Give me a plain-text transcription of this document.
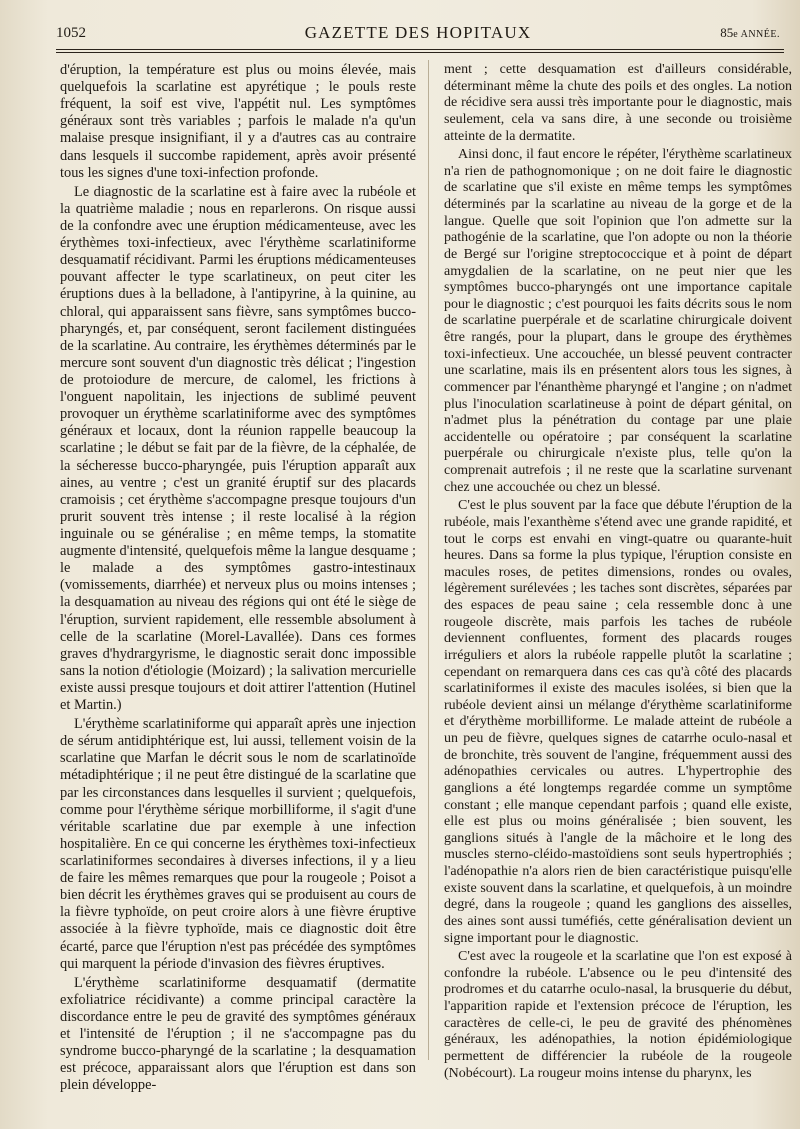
1052	GAZETTE DES HOPITAUX	85e ANNÉE.

d'éruption, la température est plus ou moins élevée, mais quelquefois la scarlatine est apyrétique ; le pouls reste fréquent, la soif est vive, l'appétit nul. Les symptômes généraux sont très variables ; parfois le malade n'a qu'un malaise presque insignifiant, il y a d'autres cas au contraire dans lesquels il succombe rapidement, après avoir présenté tous les signes d'une toxi-infection profonde.

Le diagnostic de la scarlatine est à faire avec la rubéole et la quatrième maladie ; nous en reparlerons. On risque aussi de la confondre avec une éruption médicamenteuse, avec les érythèmes toxi-infectieux, avec l'érythème scarlatiniforme desquamatif récidivant. Parmi les éruptions médicamenteuses pouvant affecter le type scarlatineux, on peut citer les éruptions dues à la belladone, à l'antipyrine, à la quinine, au chloral, qui apparaissent sans fièvre, sans symptômes bucco-pharyngés, et, par conséquent, seront facilement distinguées de la scarlatine. Au contraire, les érythèmes déterminés par le mercure sont souvent d'un diagnostic très délicat ; l'ingestion de protoiodure de mercure, de calomel, les frictions à l'onguent napolitain, les injections de sublimé peuvent provoquer un érythème scarlatiniforme avec des symptômes généraux et locaux, dont la réunion rappelle beaucoup la scarlatine ; le début se fait par de la fièvre, de la céphalée, de la sécheresse bucco-pharyngée, puis l'éruption apparaît aux aines, au ventre ; c'est un granité éruptif sur des placards cramoisis ; cet érythème s'accompagne presque toujours d'un prurit souvent très intense ; il reste localisé à la région inguinale ou se généralise ; en même temps, la stomatite augmente d'intensité, quelquefois même la langue desquame ; le malade a des symptômes gastro-intestinaux (vomissements, diarrhée) et nerveux plus ou moins intenses ; la desquamation au niveau des régions qui ont été le siège de l'éruption, survient rapidement, elle ressemble absolument à celle de la scarlatine (Morel-Lavallée). Dans ces formes graves d'hydrargyrisme, le diagnostic serait donc impossible sans la notion d'étiologie (Moizard) ; la salivation mercurielle existe aussi presque toujours et doit attirer l'attention (Hutinel et Martin.)

L'érythème scarlatiniforme qui apparaît après une injection de sérum antidiphtérique est, lui aussi, tellement voisin de la scarlatine que Marfan le décrit sous le nom de scarlatinoïde métadiphtérique ; il ne peut être distingué de la scarlatine que par les circonstances dans lesquelles il survient ; quelquefois, comme pour l'érythème sérique morbilliforme, il s'agit d'une véritable scarlatine due par exemple à une infection hospitalière. En ce qui concerne les érythèmes toxi-infectieux scarlatiniformes secondaires à diverses infections, il y a lieu de faire les mêmes remarques que pour la rougeole ; Poisot a bien décrit les érythèmes graves qui se produisent au cours de la fièvre typhoïde, on peut croire alors à une fièvre éruptive associée à la fièvre typhoïde, mais ce diagnostic doit être écarté, parce que l'éruption n'est pas précédée des symptômes qui marquent la période d'invasion des fièvres éruptives.

L'érythème scarlatiniforme desquamatif (dermatite exfoliatrice récidivante) a comme principal caractère la discordance entre le peu de gravité des symptômes généraux et l'intensité de l'éruption ; il ne s'accompagne pas du syndrome bucco-pharyngé de la scarlatine ; la desquamation est précoce, apparaissant alors que l'éruption est dans son plein développe-

ment ; cette desquamation est d'ailleurs considérable, déterminant même la chute des poils et des ongles. La notion de récidive sera aussi très importante pour le diagnostic, mais seulement, cela va sans dire, à une seconde ou troisième atteinte de la dermatite.

Ainsi donc, il faut encore le répéter, l'érythème scarlatineux n'a rien de pathognomonique ; on ne doit faire le diagnostic de scarlatine que s'il existe en même temps les symptômes déterminés par la scarlatine au niveau de la gorge et de la langue. Quelle que soit l'opinion que l'on admette sur la pathogénie de la scarlatine, que l'on adopte ou non la théorie de Bergé sur l'origine streptococcique et à point de départ amygdalien de la scarlatine, on ne peut nier que les symptômes bucco-pharyngés ont une importance capitale pour le diagnostic ; c'est pourquoi les faits décrits sous le nom de scarlatine puerpérale et de scarlatine chirurgicale doivent être rangés, pour la plupart, dans le groupe des érythèmes toxi-infectieux. Une accouchée, un blessé peuvent contracter une scarlatine, mais ils en présentent alors tous les signes, à commencer par l'énanthème pharyngé et l'angine ; on n'admet plus l'inoculation scarlatineuse à point de départ génital, on n'admet plus la pénétration du contage par une plaie accidentelle ou opératoire ; par conséquent la scarlatine puerpérale ou chirurgicale n'existe plus, telle qu'on la comprenait autrefois ; il ne reste que la scarlatine survenant chez une accouchée ou chez un blessé.

C'est le plus souvent par la face que débute l'éruption de la rubéole, mais l'exanthème s'étend avec une grande rapidité, et tout le corps est envahi en vingt-quatre ou quarante-huit heures. Dans sa forme la plus typique, l'éruption consiste en macules roses, de petites dimensions, rondes ou ovales, légèrement surélevées ; les taches sont discrètes, séparées par des espaces de peau saine ; cela ressemble donc à une rougeole discrète, mais parfois les taches de rubéole deviennent confluentes, forment des placards rouges irréguliers et alors la rubéole rappelle plutôt la scarlatine ; cependant on remarquera dans ces cas qu'à côté des placards scarlatiniformes il existe des macules isolées, si bien que la rubéole devient ainsi un mélange d'érythème scarlatiniforme et d'érythème morbilliforme. Le malade atteint de rubéole a un peu de fièvre, quelques signes de catarrhe oculo-nasal et de bronchite, très souvent de l'angine, fréquemment aussi des adénopathies cervicales ou autres. L'hypertrophie des ganglions a été longtemps regardée comme un symptôme constant ; elle manque cependant parfois ; quand elle existe, elle est plus ou moins généralisée ; bien souvent, les ganglions situés à l'angle de la mâchoire et le long des muscles sterno-cléido-mastoïdiens sont seuls hypertrophiés ; l'adénopathie n'a alors rien de bien caractéristique puisqu'elle existe souvent dans la scarlatine, et quelquefois, à un moindre degré, dans la rougeole ; quand les ganglions des aisselles, des aines sont aussi tuméfiés, cette généralisation devient un signe important pour le diagnostic.

C'est avec la rougeole et la scarlatine que l'on est exposé à confondre la rubéole. L'absence ou le peu d'intensité des prodromes et du catarrhe oculo-nasal, la brusquerie du début, l'apparition rapide et l'extension précoce de l'éruption, les caractères de celle-ci, le peu de gravité des phénomènes généraux, les adénopathies, la notion épidémiologique permettent de différencier la rubéole de la rougeole (Nobécourt). La rougeur moins intense du pharynx, les
